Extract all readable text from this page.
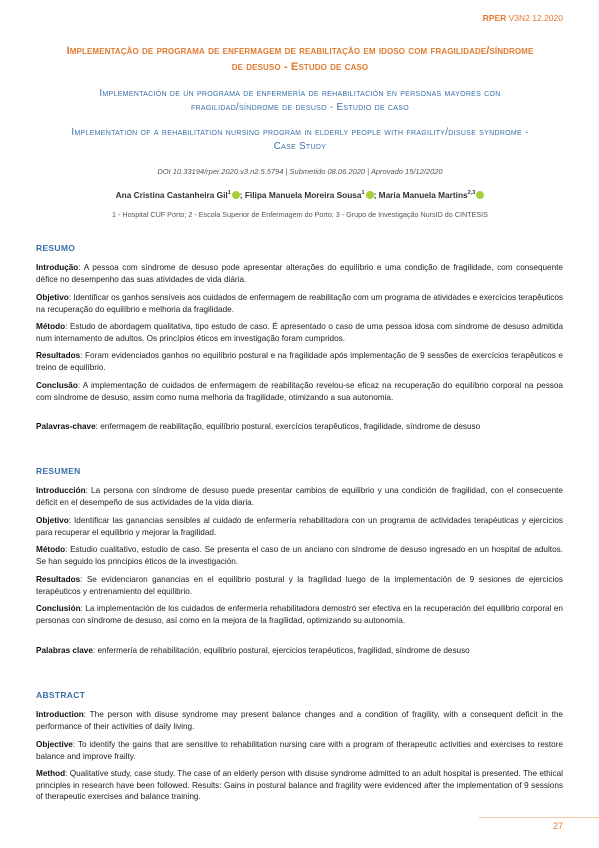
RPER V3N2 12.2020
Implementação de programa de enfermagem de reabilitação em idoso com fragilidade/síndrome de desuso - Estudo de caso
Implementación de un programa de enfermería de rehabilitación en personas mayores con fragilidad/síndrome de desuso - Estudio de caso
Implementation of a rehabilitation nursing program in elderly people with fragility/disuse syndrome - Case Study
DOI 10.33194/rper.2020.v3.n2.5.5794 | Submetido 08.06.2020 | Aprovado 15/12/2020
Ana Cristina Castanheira Gil$^1$ ; Filipa Manuela Moreira Sousa$^1$ ; Maria Manuela Martins$^{2,3}$
1 - Hospital CUF Porto; 2 - Escola Superior de Enfermagem do Porto; 3 - Grupo de Investigação NursID do CINTESIS
RESUMO
Introdução: A pessoa com síndrome de desuso pode apresentar alterações do equilíbrio e uma condição de fragilidade, com consequente défice no desempenho das suas atividades de vida diária.
Objetivo: Identificar os ganhos sensíveis aos cuidados de enfermagem de reabilitação com um programa de atividades e exercícios terapêuticos na recuperação do equilíbrio e melhoria da fragilidade.
Método: Estudo de abordagem qualitativa, tipo estudo de caso. É apresentado o caso de uma pessoa idosa com síndrome de desuso admitida num internamento de adultos. Os princípios éticos em investigação foram cumpridos.
Resultados: Foram evidenciados ganhos no equilíbrio postural e na fragilidade após implementação de 9 sessões de exercícios terapêuticos e treino de equilíbrio.
Conclusão: A implementação de cuidados de enfermagem de reabilitação revelou-se eficaz na recuperação do equilíbrio corporal na pessoa com síndrome de desuso, assim como numa melhoria da fragilidade, otimizando a sua autonomia.
Palavras-chave: enfermagem de reabilitação, equilíbrio postural, exercícios terapêuticos, fragilidade, síndrome de desuso
RESUMEN
Introducción: La persona con síndrome de desuso puede presentar cambios de equilibrio y una condición de fragilidad, con el consecuente déficit en el desempeño de sus actividades de la vida diaria.
Objetivo: Identificar las ganancias sensibles al cuidado de enfermería rehabilitadora con un programa de actividades terapéuticas y ejercicios para recuperar el equilibrio y mejorar la fragilidad.
Método: Estudio cualitativo, estudio de caso. Se presenta el caso de un anciano con síndrome de desuso ingresado en un hospital de adultos. Se han seguido los principios éticos de la investigación.
Resultados: Se evidenciaron ganancias en el equilibrio postural y la fragilidad luego de la implementación de 9 sesiones de ejercicios terapéuticos y entrenamiento del equilibrio.
Conclusión: La implementación de los cuidados de enfermería rehabilitadora demostró ser efectiva en la recuperación del equilibrio corporal en personas con síndrome de desuso, así como en la mejora de la fragilidad, optimizando su autonomía.
Palabras clave: enfermería de rehabilitación, equilibrio postural, ejercicios terapéuticos, fragilidad, síndrome de desuso
ABSTRACT
Introduction: The person with disuse syndrome may present balance changes and a condition of fragility, with a consequent deficit in the performance of their activities of daily living.
Objective: To identify the gains that are sensitive to rehabilitation nursing care with a program of therapeutic activities and exercises to restore balance and improve frailty.
Method: Qualitative study, case study. The case of an elderly person with disuse syndrome admitted to an adult hospital is presented. The ethical principles in research have been followed. Results: Gains in postural balance and fragility were evidenced after the implementation of 9 sessions of therapeutic exercises and balance training.
27
